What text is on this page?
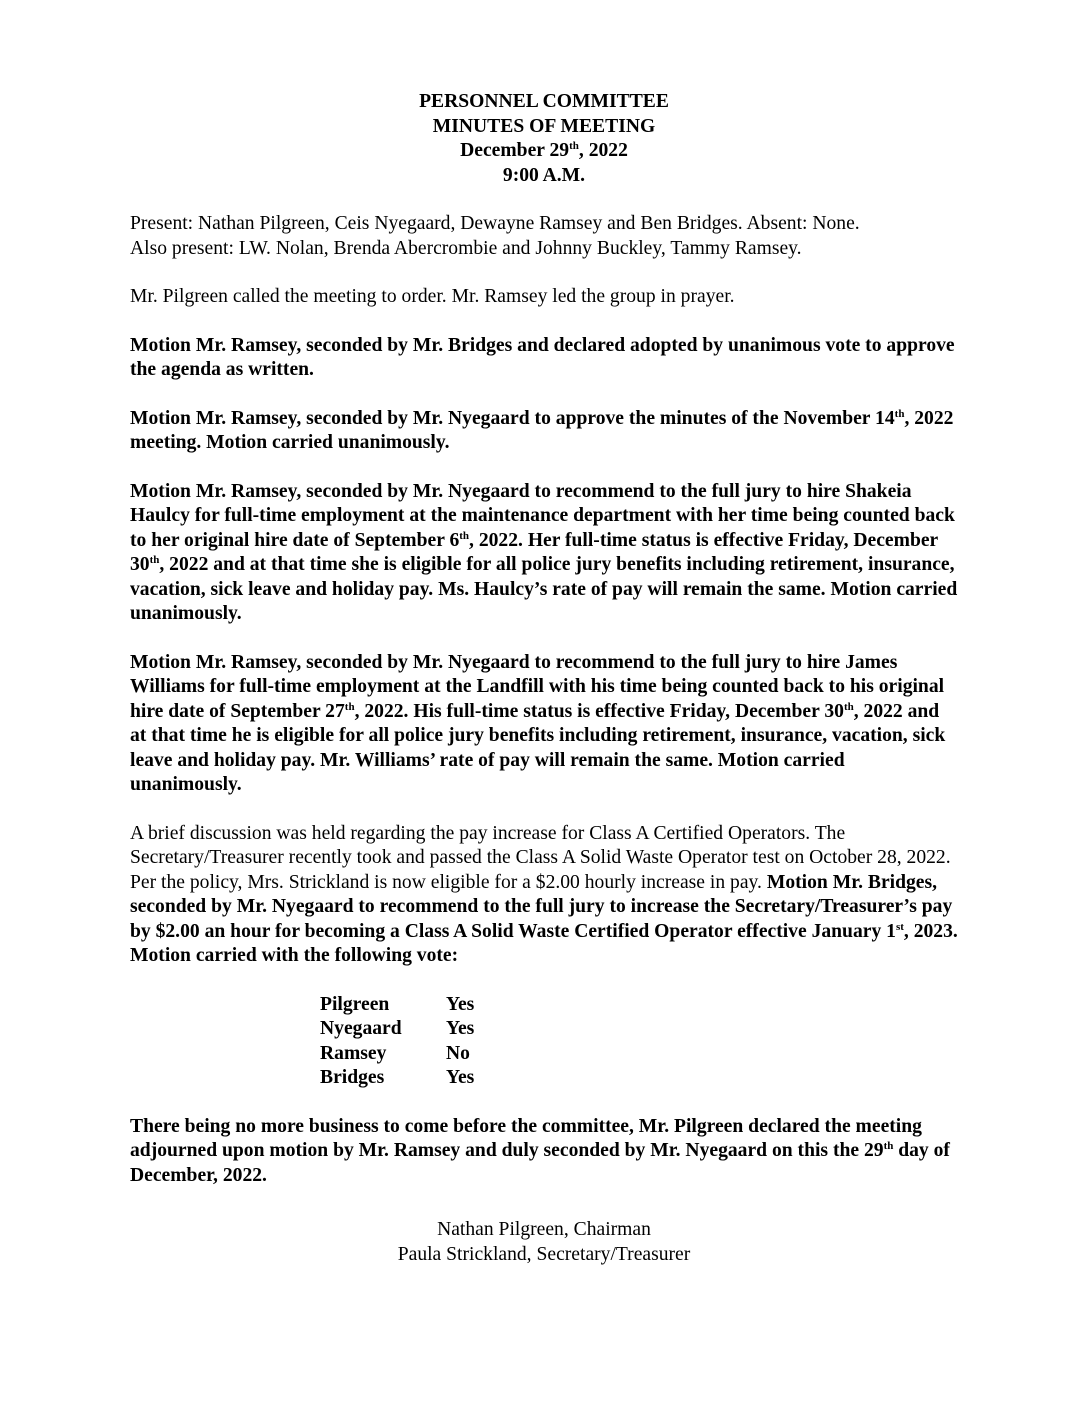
PERSONNEL COMMITTEE
MINUTES OF MEETING
December 29th, 2022
9:00 A.M.

Present: Nathan Pilgreen, Ceis Nyegaard, Dewayne Ramsey and Ben Bridges. Absent: None.
Also present: LW. Nolan, Brenda Abercrombie and Johnny Buckley, Tammy Ramsey.

Mr. Pilgreen called the meeting to order. Mr. Ramsey led the group in prayer.

Motion Mr. Ramsey, seconded by Mr. Bridges and declared adopted by unanimous vote to approve the agenda as written.

Motion Mr. Ramsey, seconded by Mr. Nyegaard to approve the minutes of the November 14th, 2022 meeting. Motion carried unanimously.

Motion Mr. Ramsey, seconded by Mr. Nyegaard to recommend to the full jury to hire Shakeia Haulcy for full-time employment at the maintenance department with her time being counted back to her original hire date of September 6th, 2022. Her full-time status is effective Friday, December 30th, 2022 and at that time she is eligible for all police jury benefits including retirement, insurance, vacation, sick leave and holiday pay. Ms. Haulcy’s rate of pay will remain the same. Motion carried unanimously.

Motion Mr. Ramsey, seconded by Mr. Nyegaard to recommend to the full jury to hire James Williams for full-time employment at the Landfill with his time being counted back to his original hire date of September 27th, 2022. His full-time status is effective Friday, December 30th, 2022 and at that time he is eligible for all police jury benefits including retirement, insurance, vacation, sick leave and holiday pay. Mr. Williams’ rate of pay will remain the same. Motion carried unanimously.

A brief discussion was held regarding the pay increase for Class A Certified Operators. The Secretary/Treasurer recently took and passed the Class A Solid Waste Operator test on October 28, 2022. Per the policy, Mrs. Strickland is now eligible for a $2.00 hourly increase in pay. Motion Mr. Bridges, seconded by Mr. Nyegaard to recommend to the full jury to increase the Secretary/Treasurer’s pay by $2.00 an hour for becoming a Class A Solid Waste Certified Operator effective January 1st, 2023. Motion carried with the following vote:

Pilgreen	Yes
Nyegaard	Yes
Ramsey	No
Bridges	Yes

There being no more business to come before the committee, Mr. Pilgreen declared the meeting adjourned upon motion by Mr. Ramsey and duly seconded by Mr. Nyegaard on this the 29th day of December, 2022.

Nathan Pilgreen, Chairman
Paula Strickland, Secretary/Treasurer
